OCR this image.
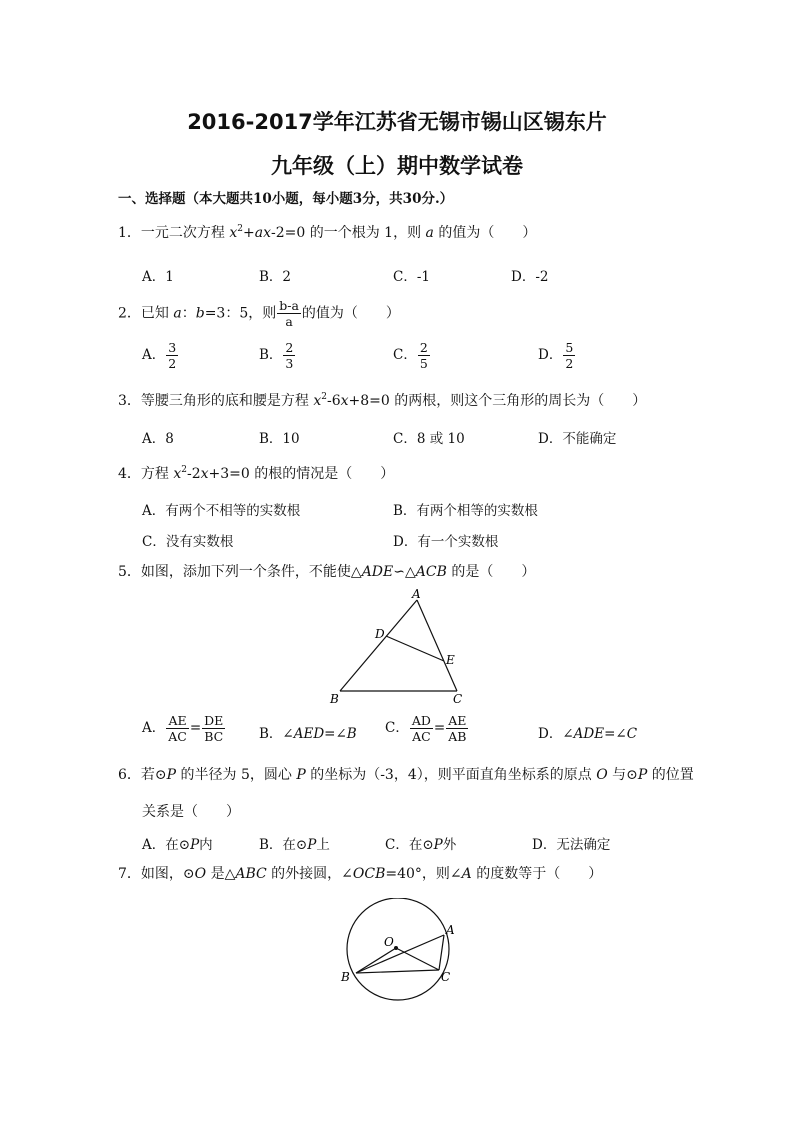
2016-2017学年江苏省无锡市锡山区锡东片
九年级（上）期中数学试卷
一、选择题（本大题共10小题，每小题3分，共30分.）
1．一元二次方程 $x^2+ax-2=0$ 的一个根为 1，则 a 的值为（　　）
A．1	B．2	C．-1	D．-2
2．已知 a：b=3：5，则 $\frac{b-a}{a}$ 的值为（　　）
A． $\frac{3}{2}$	B． $\frac{2}{3}$	C． $\frac{2}{5}$	D． $\frac{5}{2}$
3．等腰三角形的底和腰是方程 $x^2-6x+8=0$ 的两根，则这个三角形的周长为（　　）
A．8	B．10	C．8 或 10	D．不能确定
4．方程 $x^2-2x+3=0$ 的根的情况是（　　）
A．有两个不相等的实数根	B．有两个相等的实数根
C．没有实数根	D．有一个实数根
5．如图，添加下列一个条件，不能使△ADE∽△ACB 的是（　　）
A
D
E
B	C
A． $\frac{AE}{AC} = \frac{DE}{BC}$ B．∠AED=∠B C． $\frac{AD}{AC} = \frac{AE}{AB}$	D．∠ADE=∠C
6．若⊙P 的半径为 5，圆心 P 的坐标为（-3，4），则平面直角坐标系的原点 O 与⊙P 的位置
关系是（　　）
A．在⊙P内	B．在⊙P上	C．在⊙P外	D．无法确定
7．如图，⊙O 是△ABC 的外接圆，∠OCB=40°，则∠A 的度数等于（　　）
O
A
B	C
